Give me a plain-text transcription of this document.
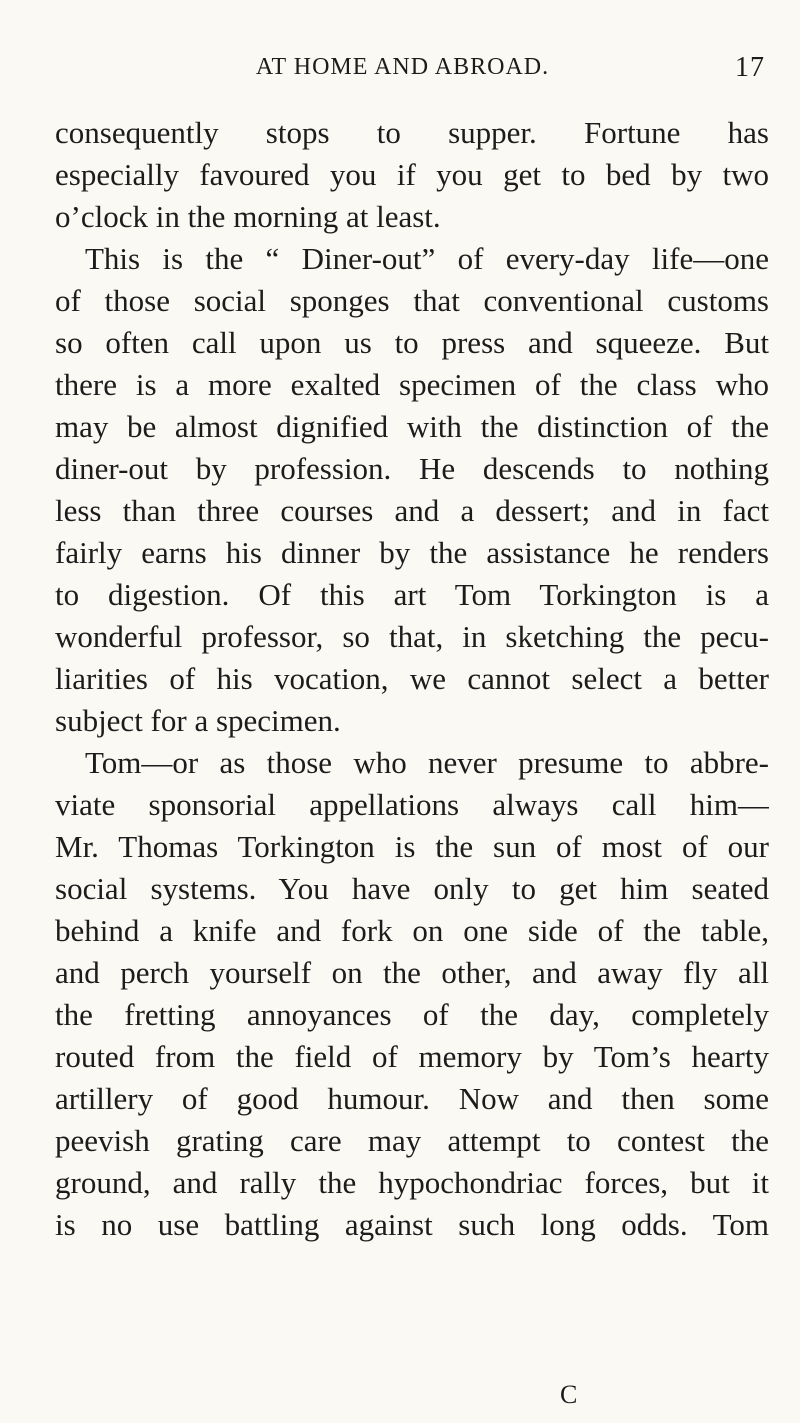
AT HOME AND ABROAD.	17
consequently stops to supper. Fortune has
especially favoured you if you get to bed by two
o’clock in the morning at least.
This is the “ Diner-out” of every-day life—one
of those social sponges that conventional customs
so often call upon us to press and squeeze. But
there is a more exalted specimen of the class who
may be almost dignified with the distinction of the
diner-out by profession. He descends to nothing
less than three courses and a dessert; and in fact
fairly earns his dinner by the assistance he renders
to digestion. Of this art Tom Torkington is a
wonderful professor, so that, in sketching the pecu-
liarities of his vocation, we cannot select a better
subject for a specimen.
Tom—or as those who never presume to abbre-
viate sponsorial appellations always call him—
Mr. Thomas Torkington is the sun of most of our
social systems. You have only to get him seated
behind a knife and fork on one side of the table,
and perch yourself on the other, and away fly all
the fretting annoyances of the day, completely
routed from the field of memory by Tom’s hearty
artillery of good humour. Now and then some
peevish grating care may attempt to contest the
ground, and rally the hypochondriac forces, but it
is no use battling against such long odds. Tom
C
